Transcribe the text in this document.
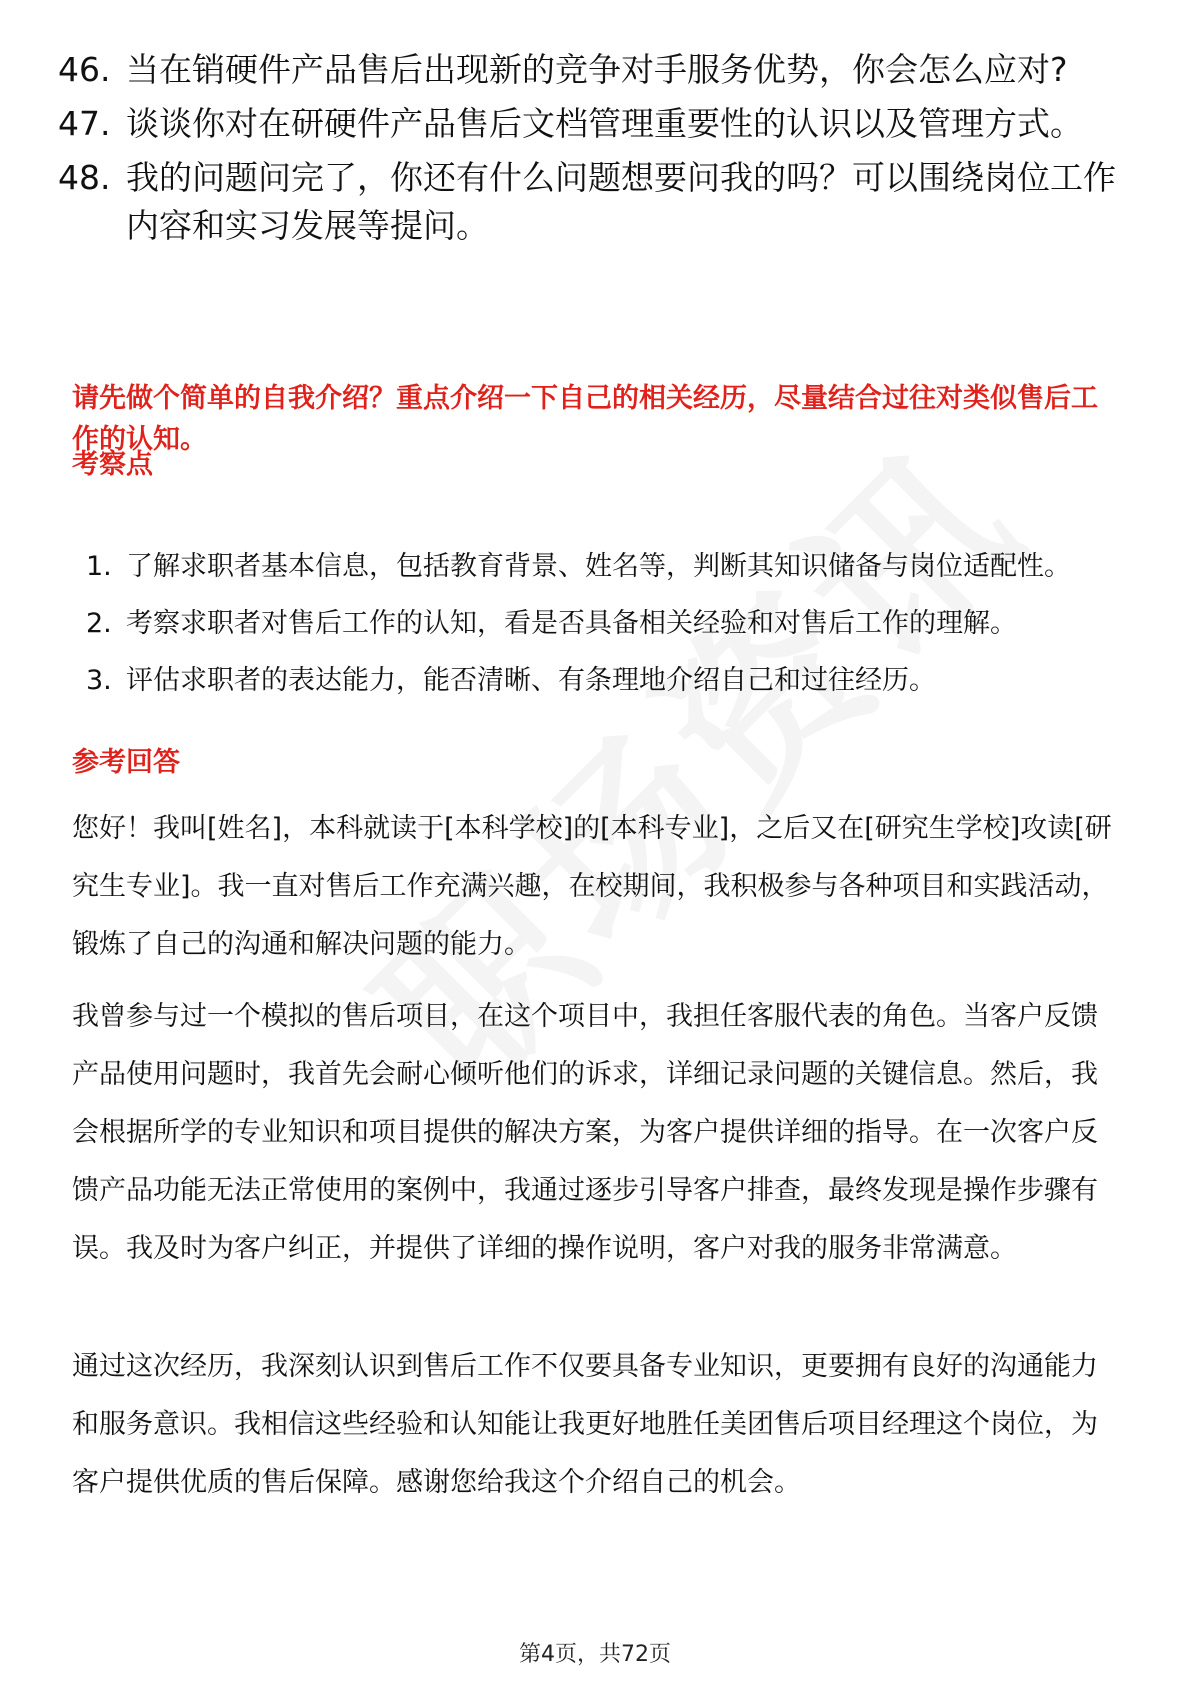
46. 当在销硬件产品售后出现新的竞争对手服务优势，你会怎么应对?
47. 谈谈你对在研硬件产品售后文档管理重要性的认识以及管理方式。
48. 我的问题问完了，你还有什么问题想要问我的吗？可以围绕岗位工作内容和实习发展等提问。
请先做个简单的自我介绍？重点介绍一下自己的相关经历，尽量结合过往对类似售后工作的认知。
考察点
1. 了解求职者基本信息，包括教育背景、姓名等，判断其知识储备与岗位适配性。
2. 考察求职者对售后工作的认知，看是否具备相关经验和对售后工作的理解。
3. 评估求职者的表达能力，能否清晰、有条理地介绍自己和过往经历。
参考回答
您好！我叫[姓名]，本科就读于[本科学校]的[本科专业]，之后又在[研究生学校]攻读[研究生专业]。我一直对售后工作充满兴趣，在校期间，我积极参与各种项目和实践活动，锻炼了自己的沟通和解决问题的能力。
我曾参与过一个模拟的售后项目，在这个项目中，我担任客服代表的角色。当客户反馈产品使用问题时，我首先会耐心倾听他们的诉求，详细记录问题的关键信息。然后，我会根据所学的专业知识和项目提供的解决方案，为客户提供详细的指导。在一次客户反馈产品功能无法正常使用的案例中，我通过逐步引导客户排查，最终发现是操作步骤有误。我及时为客户纠正，并提供了详细的操作说明，客户对我的服务非常满意。
通过这次经历，我深刻认识到售后工作不仅要具备专业知识，更要拥有良好的沟通能力和服务意识。我相信这些经验和认知能让我更好地胜任美团售后项目经理这个岗位，为客户提供优质的售后保障。感谢您给我这个介绍自己的机会。
第4页，共72页
